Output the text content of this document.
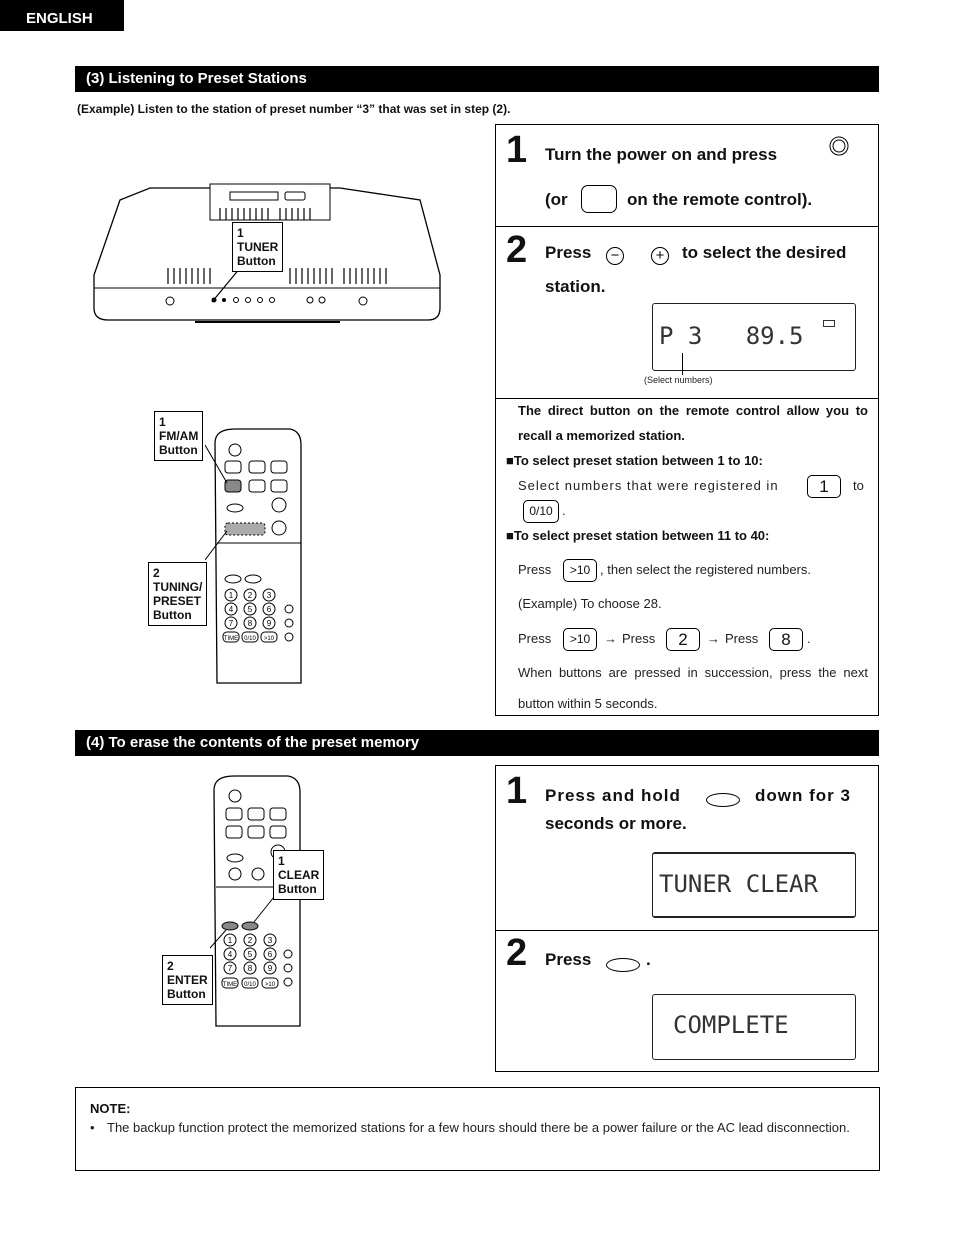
ENGLISH
(3) Listening to Preset Stations
(Example) Listen to the station of preset number “3” that was set in step (2).
1
TUNER
Button
1 2 3
4 5 6
7 8 9
TIME 0/10 >10
1
FM/AM
Button
2
TUNING/
PRESET
Button
1 Turn the power on and press
(or	on the remote control).
2 Press	−	+ to select the desired
station.
P 3   89.5
(Select numbers)
The direct button on the remote control allow you to recall a memorized station.
■To select preset station between 1 to 10:
Select numbers that were registered in	1	to
0/10 .
■To select preset station between 11 to 40:
Press	>10 , then select the registered numbers.
(Example) To choose 28.
Press	>10	→ Press	2	→ Press	8	.
When buttons are pressed in succession, press the next button within 5 seconds.
(4) To erase the contents of the preset memory
1 2 3
4 5 6
7 8 9
TIME 0/10 >10
1
CLEAR
Button
2
ENTER
Button
1 Press and hold	down for 3
seconds or more.
TUNER CLEAR
2 Press	.
COMPLETE
NOTE:
• The backup function protect the memorized stations for a few hours should there be a power failure or the AC lead disconnection.
